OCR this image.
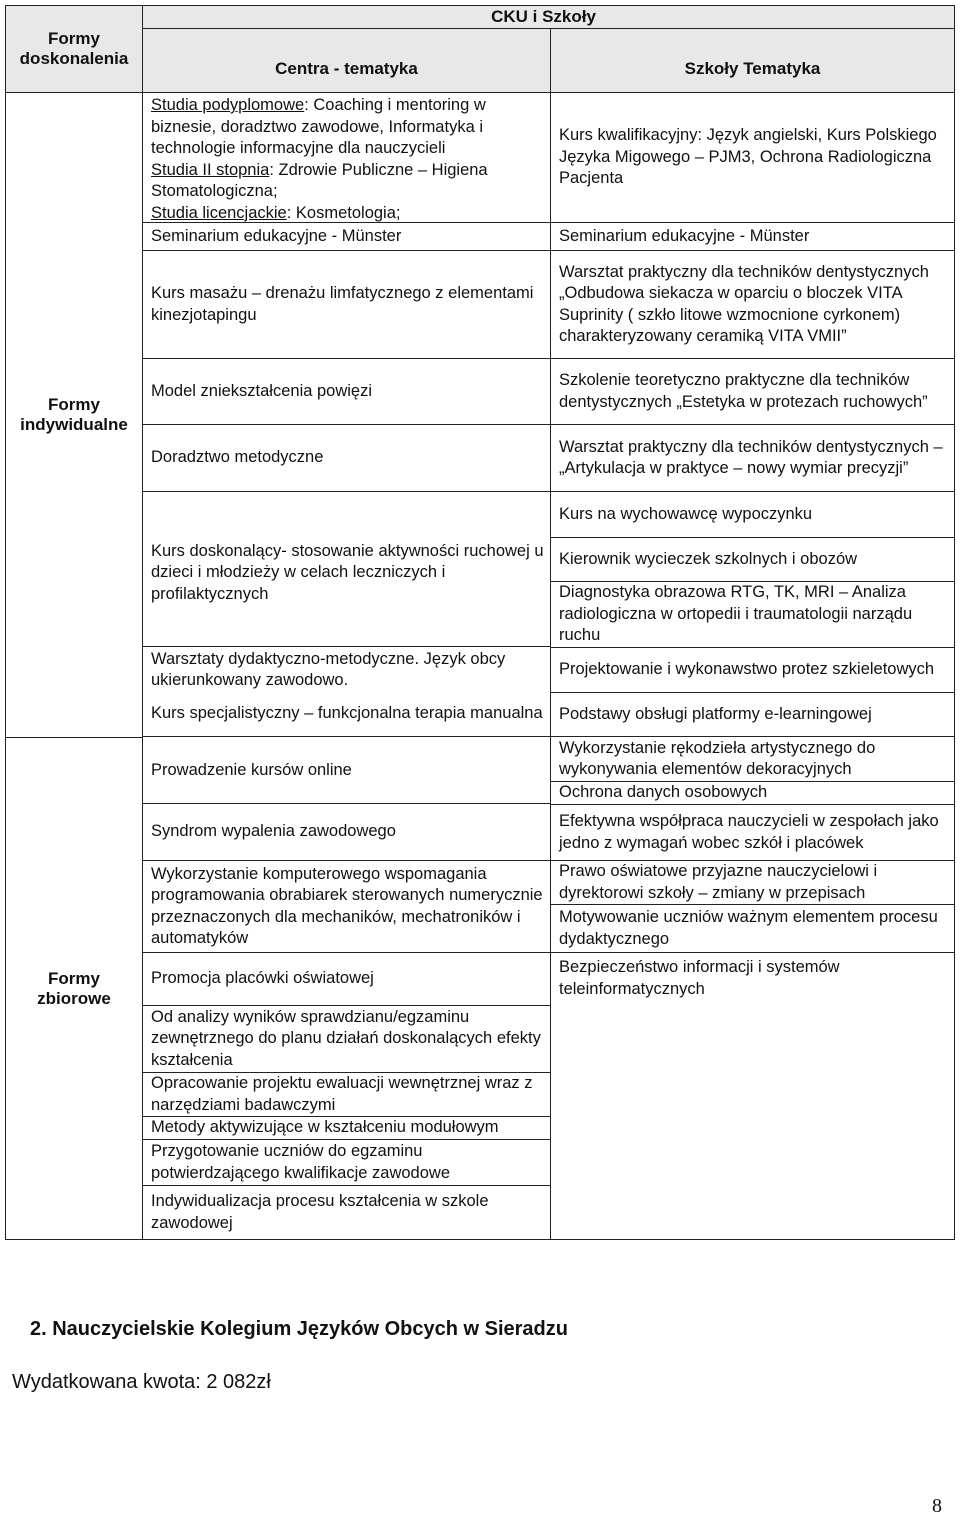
Formy doskonalenia
CKU i Szkoły
Centra - tematyka	Szkoły Tematyka
Formy indywidualne
Formy zbiorowe
Studia podyplomowe: Coaching i mentoring w biznesie, doradztwo zawodowe, Informatyka i technologie informacyjne dla nauczycieli
Studia II stopnia: Zdrowie Publiczne – Higiena Stomatologiczna;
Studia licencjackie: Kosmetologia;
Seminarium edukacyjne - Münster
Kurs masażu – drenażu limfatycznego z elementami kinezjotapingu
Model zniekształcenia powięzi
Doradztwo metodyczne
Kurs doskonalący- stosowanie aktywności ruchowej u dzieci i młodzieży w celach leczniczych i profilaktycznych
Warsztaty dydaktyczno-metodyczne. Język obcy ukierunkowany zawodowo.
Kurs specjalistyczny – funkcjonalna terapia manualna
Prowadzenie kursów online
Syndrom wypalenia zawodowego
Wykorzystanie komputerowego wspomagania programowania obrabiarek sterowanych numerycznie przeznaczonych dla mechaników, mechatroników i automatyków
Promocja placówki oświatowej
Od analizy wyników sprawdzianu/egzaminu zewnętrznego do planu działań doskonalących efekty kształcenia
Opracowanie projektu ewaluacji wewnętrznej wraz z narzędziami badawczymi
Metody aktywizujące w kształceniu modułowym
Przygotowanie uczniów do egzaminu potwierdzającego kwalifikacje zawodowe
Indywidualizacja procesu kształcenia w szkole zawodowej
Kurs kwalifikacyjny: Język angielski, Kurs Polskiego Języka Migowego – PJM3, Ochrona Radiologiczna Pacjenta
Seminarium edukacyjne - Münster
Warsztat praktyczny dla techników dentystycznych „Odbudowa siekacza w oparciu o bloczek VITA Suprinity ( szkło litowe wzmocnione cyrkonem) charakteryzowany ceramiką VITA VMII”
Szkolenie teoretyczno praktyczne dla techników dentystycznych „Estetyka w protezach ruchowych”
Warsztat praktyczny dla techników dentystycznych – „Artykulacja w praktyce – nowy wymiar precyzji”
Kurs na wychowawcę wypoczynku
Kierownik wycieczek szkolnych i obozów
Diagnostyka obrazowa RTG, TK, MRI – Analiza radiologiczna w ortopedii i traumatologii narządu ruchu
Projektowanie i wykonawstwo protez szkieletowych
Podstawy obsługi platformy e-learningowej
Wykorzystanie rękodzieła artystycznego do wykonywania elementów dekoracyjnych
Ochrona danych osobowych
Efektywna współpraca nauczycieli w zespołach jako jedno z wymagań wobec szkół i placówek
Prawo oświatowe przyjazne nauczycielowi i dyrektorowi szkoły – zmiany w przepisach
Motywowanie uczniów ważnym elementem procesu dydaktycznego
Bezpieczeństwo informacji i systemów teleinformatycznych
2. Nauczycielskie Kolegium Języków Obcych w Sieradzu
Wydatkowana kwota: 2 082zł
8
